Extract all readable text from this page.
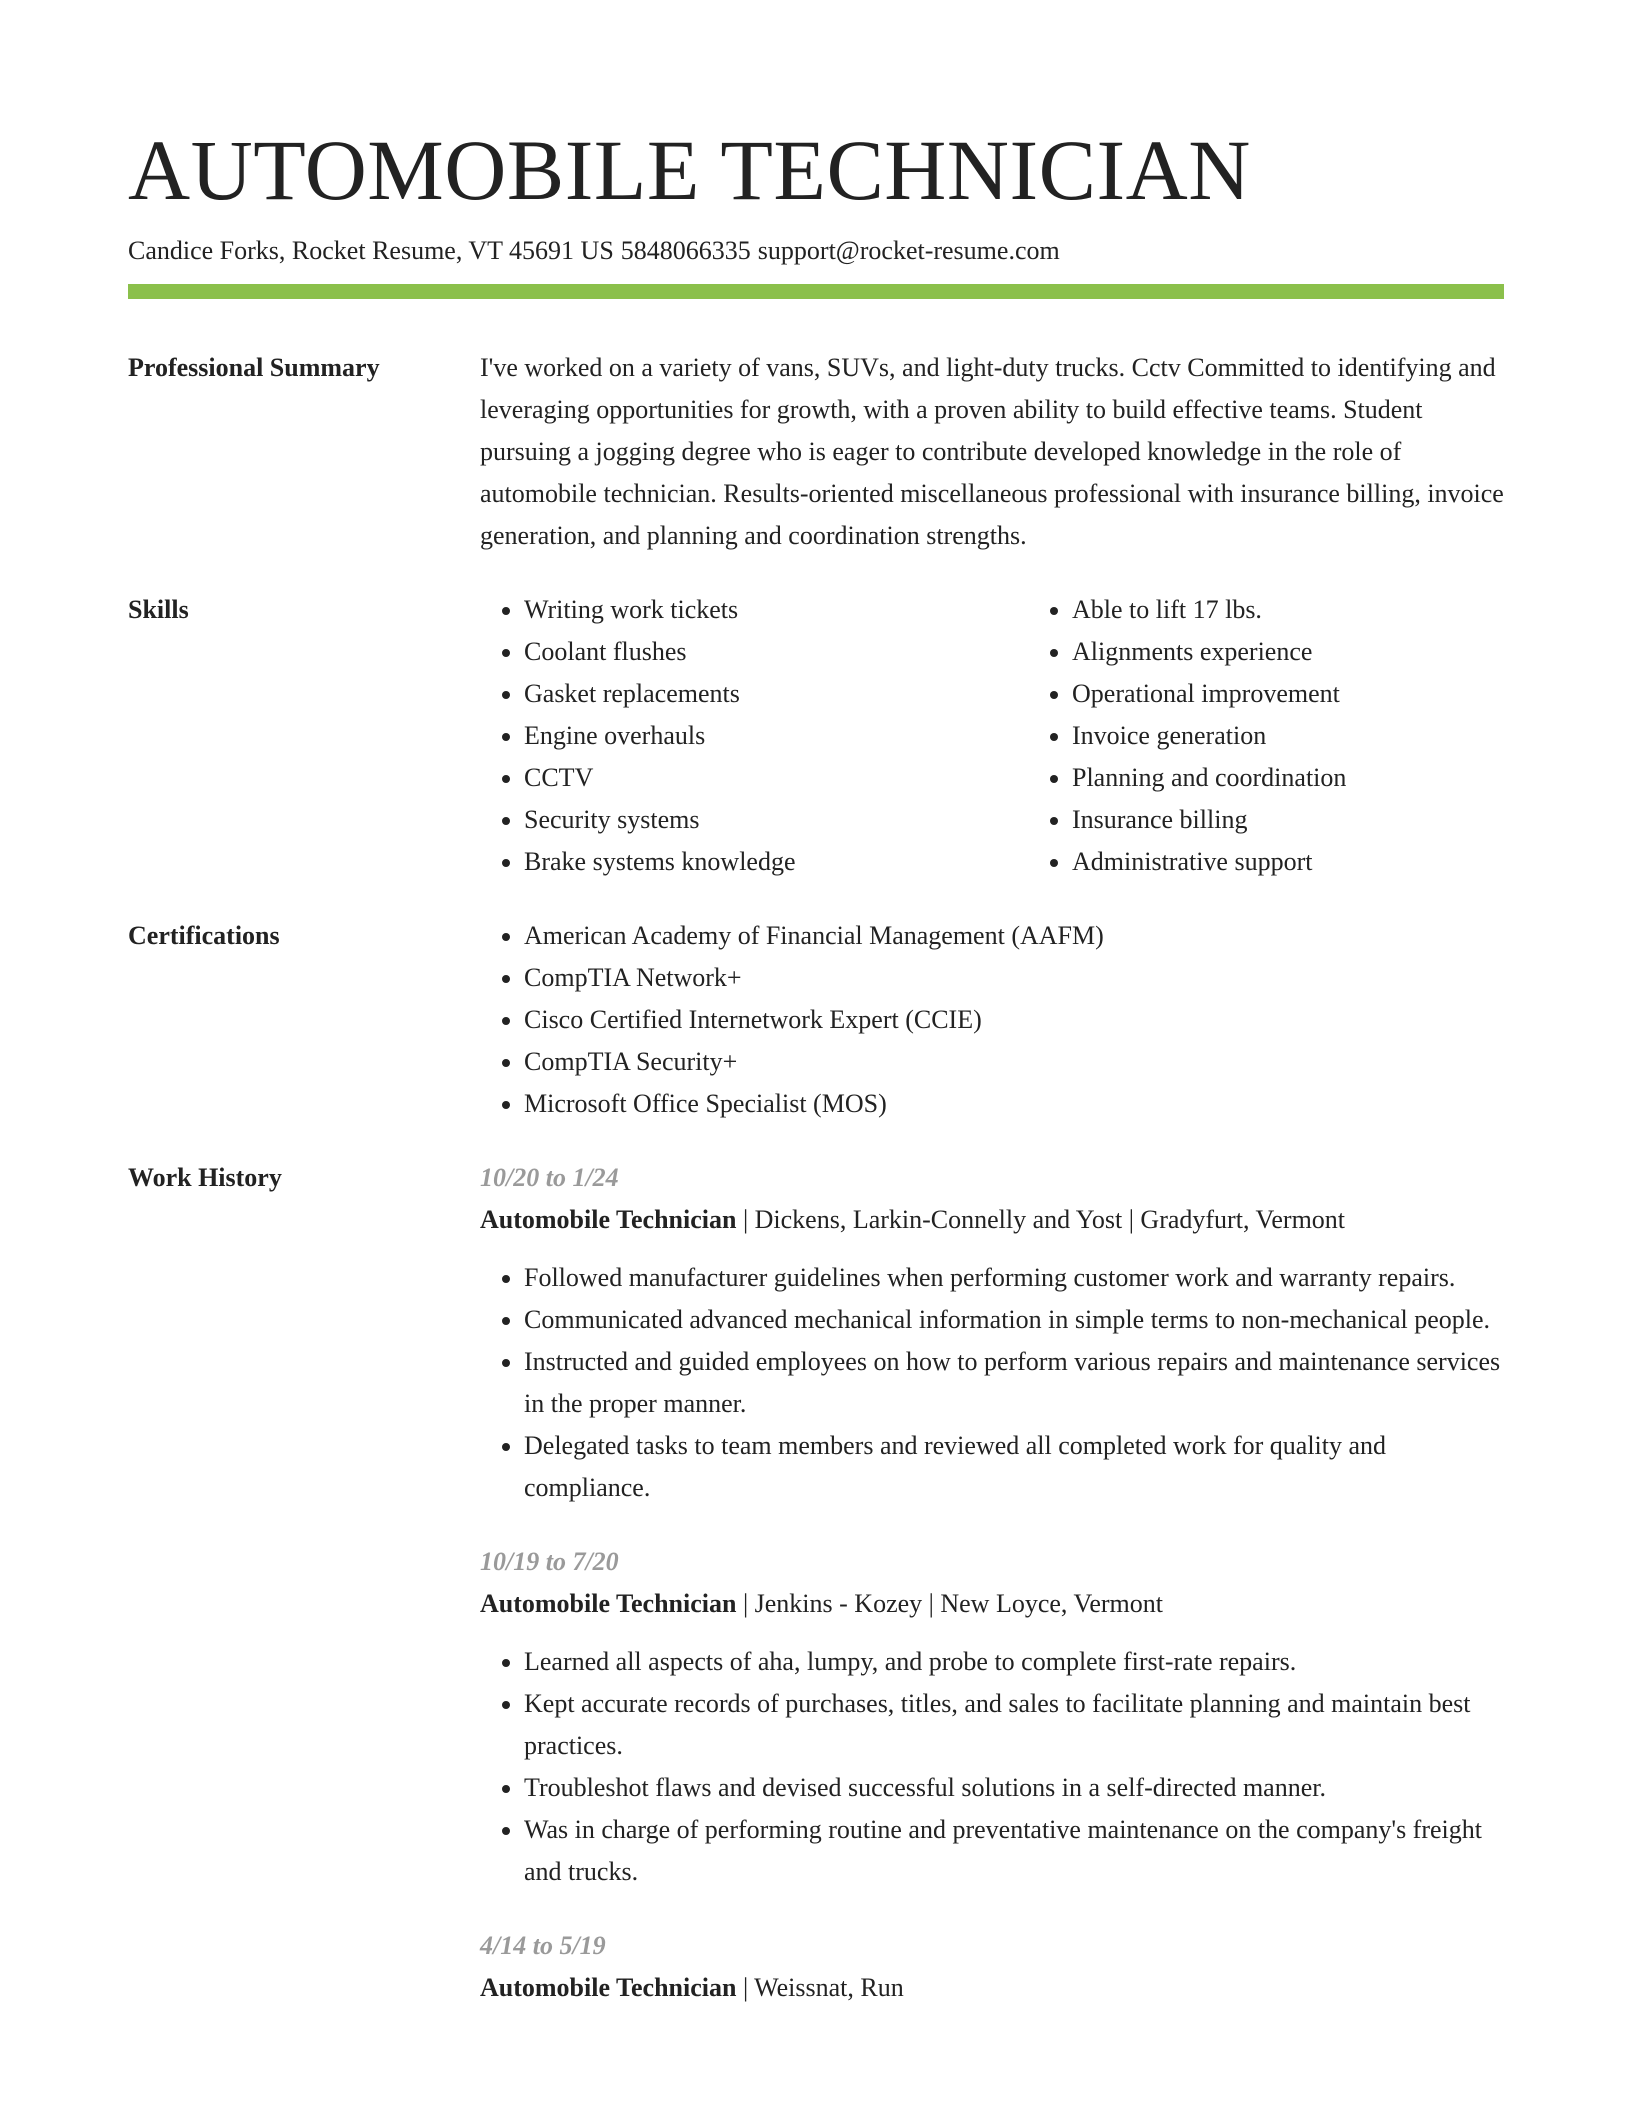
AUTOMOBILE TECHNICIAN
Candice Forks, Rocket Resume, VT 45691 US 5848066335 support@rocket-resume.com
Professional Summary	I've worked on a variety of vans, SUVs, and light-duty trucks. Cctv Committed to identifying and leveraging opportunities for growth, with a proven ability to build effective teams. Student pursuing a jogging degree who is eager to contribute developed knowledge in the role of automobile technician. Results-oriented miscellaneous professional with insurance billing, invoice generation, and planning and coordination strengths.
Skills	• Writing work tickets
• Coolant flushes
• Gasket replacements
• Engine overhauls
• CCTV
• Security systems
• Brake systems knowledge
• Able to lift 17 lbs.
• Alignments experience
• Operational improvement
• Invoice generation
• Planning and coordination
• Insurance billing
• Administrative support
Certifications	• American Academy of Financial Management (AAFM)
• CompTIA Network+
• Cisco Certified Internetwork Expert (CCIE)
• CompTIA Security+
• Microsoft Office Specialist (MOS)
Work History	10/20 to 1/24
Automobile Technician | Dickens, Larkin-Connelly and Yost | Gradyfurt, Vermont
• Followed manufacturer guidelines when performing customer work and warranty repairs.
• Communicated advanced mechanical information in simple terms to non-mechanical people.
• Instructed and guided employees on how to perform various repairs and maintenance services in the proper manner.
• Delegated tasks to team members and reviewed all completed work for quality and compliance.
10/19 to 7/20
Automobile Technician | Jenkins - Kozey | New Loyce, Vermont
• Learned all aspects of aha, lumpy, and probe to complete first-rate repairs.
• Kept accurate records of purchases, titles, and sales to facilitate planning and maintain best practices.
• Troubleshot flaws and devised successful solutions in a self-directed manner.
• Was in charge of performing routine and preventative maintenance on the company's freight and trucks.
4/14 to 5/19
Automobile Technician | Weissnat, Run
